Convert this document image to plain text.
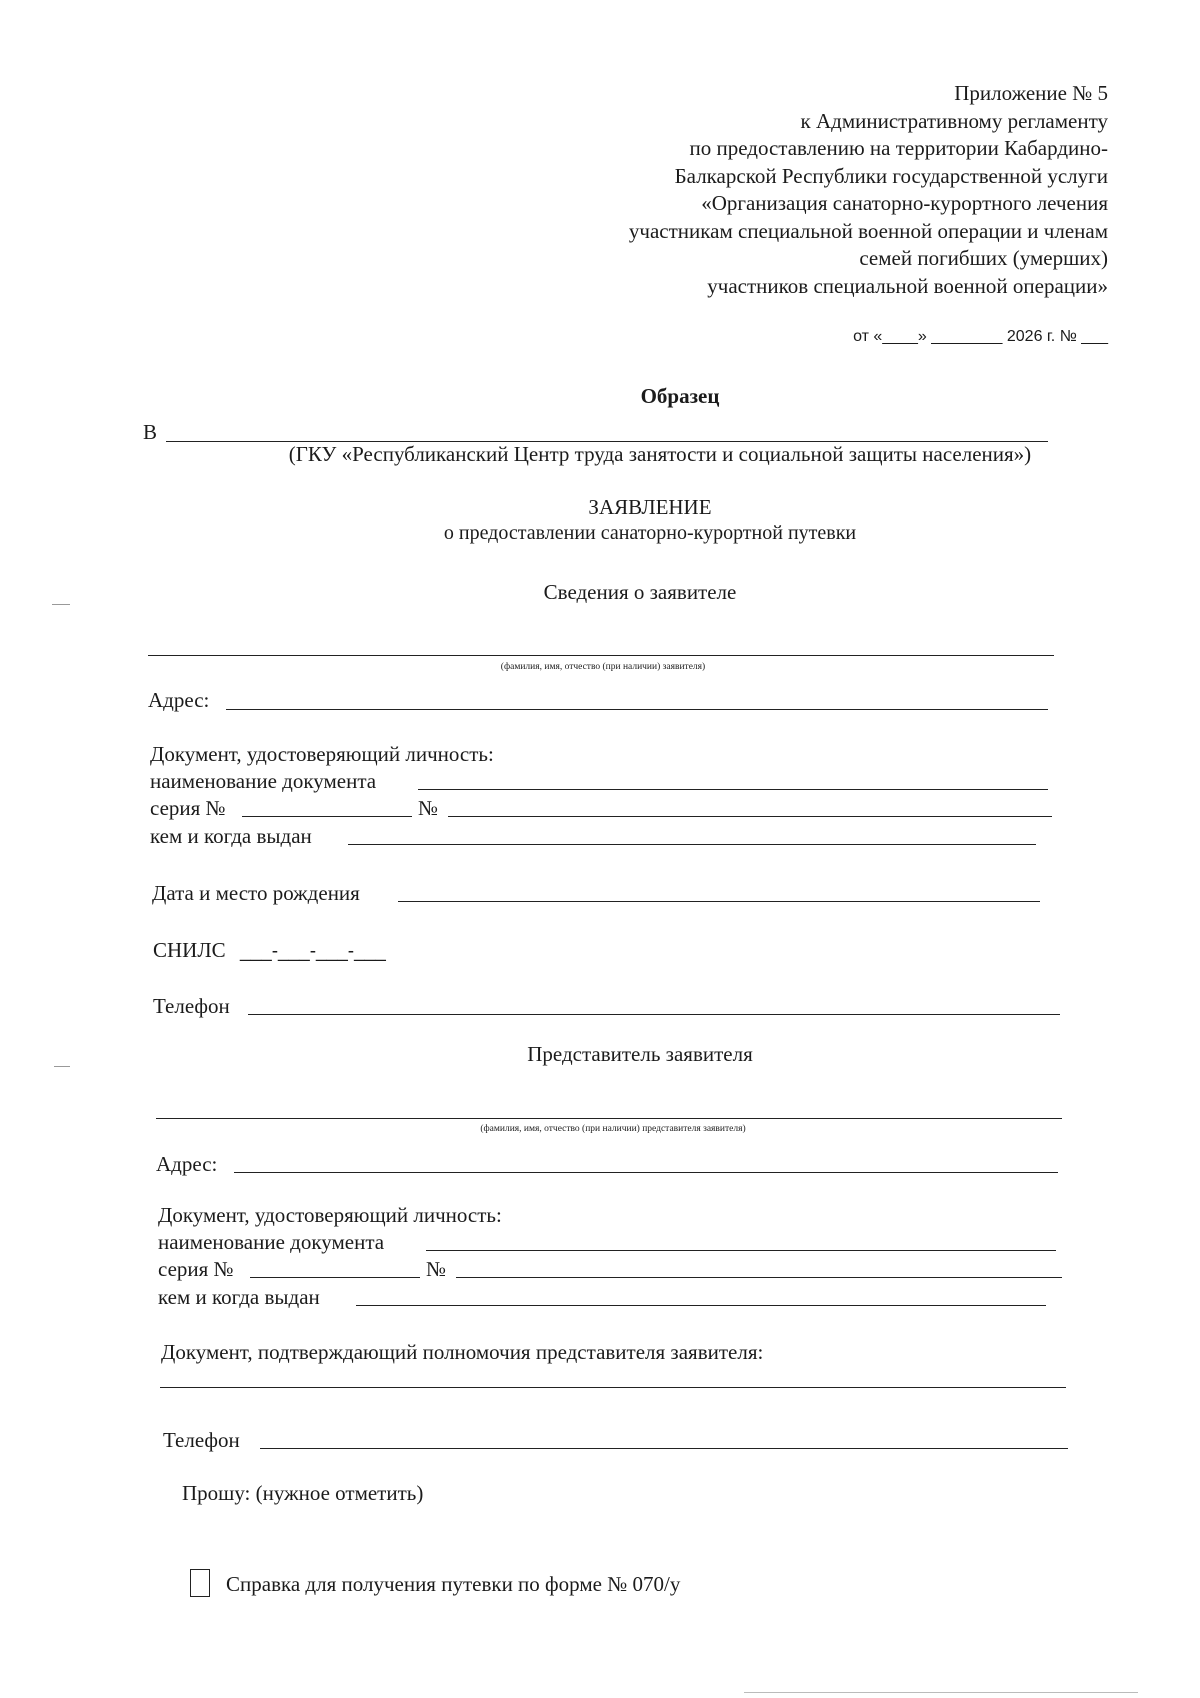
Приложение № 5
к Административному регламенту
по предоставлению на территории Кабардино-
Балкарской Республики государственной услуги
«Организация санаторно-курортного лечения
участникам специальной военной операции и членам
семей погибших (умерших)
участников специальной военной операции»
от «____» ________ 2026 г. № ___
Образец
В
(ГКУ «Республиканский Центр труда занятости и социальной защиты населения»)
ЗАЯВЛЕНИЕ
о предоставлении санаторно-курортной путевки
Сведения о заявителе
(фамилия, имя, отчество (при наличии) заявителя)
Адрес:
Документ, удостоверяющий личность:
наименование документа
серия №	№
кем и когда выдан
Дата и место рождения
СНИЛС ___-___-___-___
Телефон
Представитель заявителя
(фамилия, имя, отчество (при наличии) представителя заявителя)
Адрес:
Документ, удостоверяющий личность:
наименование документа
серия №	№
кем и когда выдан
Документ, подтверждающий полномочия представителя заявителя:
Телефон
Прошу: (нужное отметить)
Справка для получения путевки по форме № 070/у
